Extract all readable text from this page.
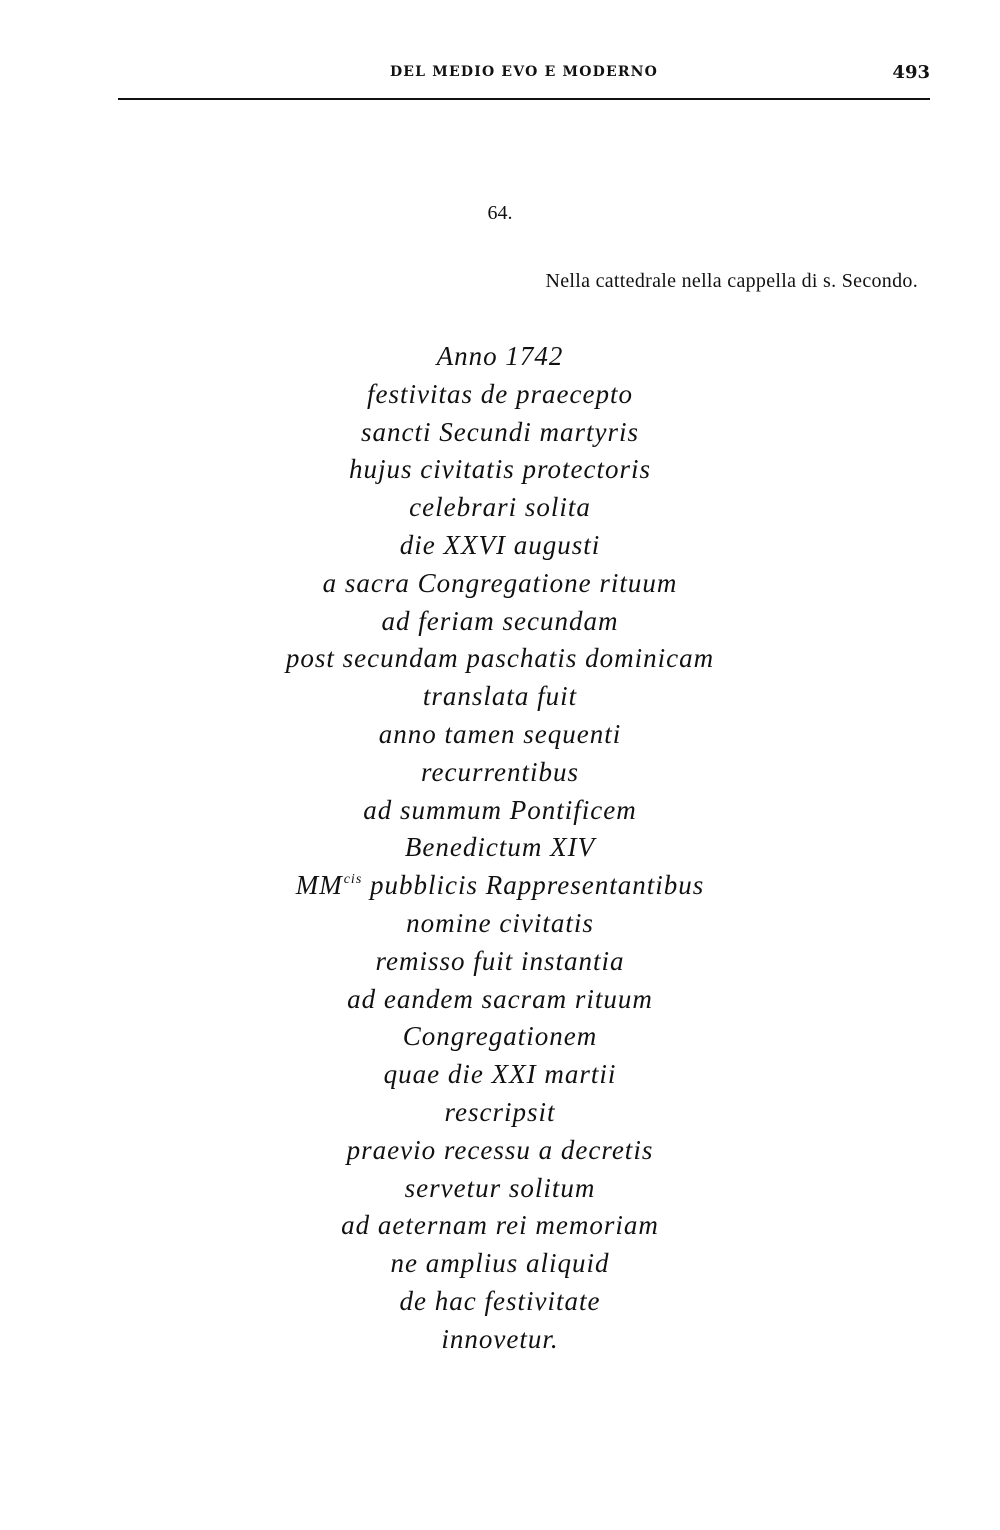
DEL MEDIO EVO E MODERNO	493
64.
Nella cattedrale nella cappella di s. Secondo.
Anno 1742
festivitas de praecepto
sancti Secundi martyris
hujus civitatis protectoris
celebrari solita
die XXVI augusti
a sacra Congregatione rituum
ad feriam secundam
post secundam paschatis dominicam
translata fuit
anno tamen sequenti
recurrentibus
ad summum Pontificem
Benedictum XIV
$MM^{cis}$ pubblicis Rappresentantibus
nomine civitatis
remisso fuit instantia
ad eandem sacram rituum
Congregationem
quae die XXI martii
rescripsit
praevio recessu a decretis
servetur solitum
ad aeternam rei memoriam
ne amplius aliquid
de hac festivitate
innovetur.
